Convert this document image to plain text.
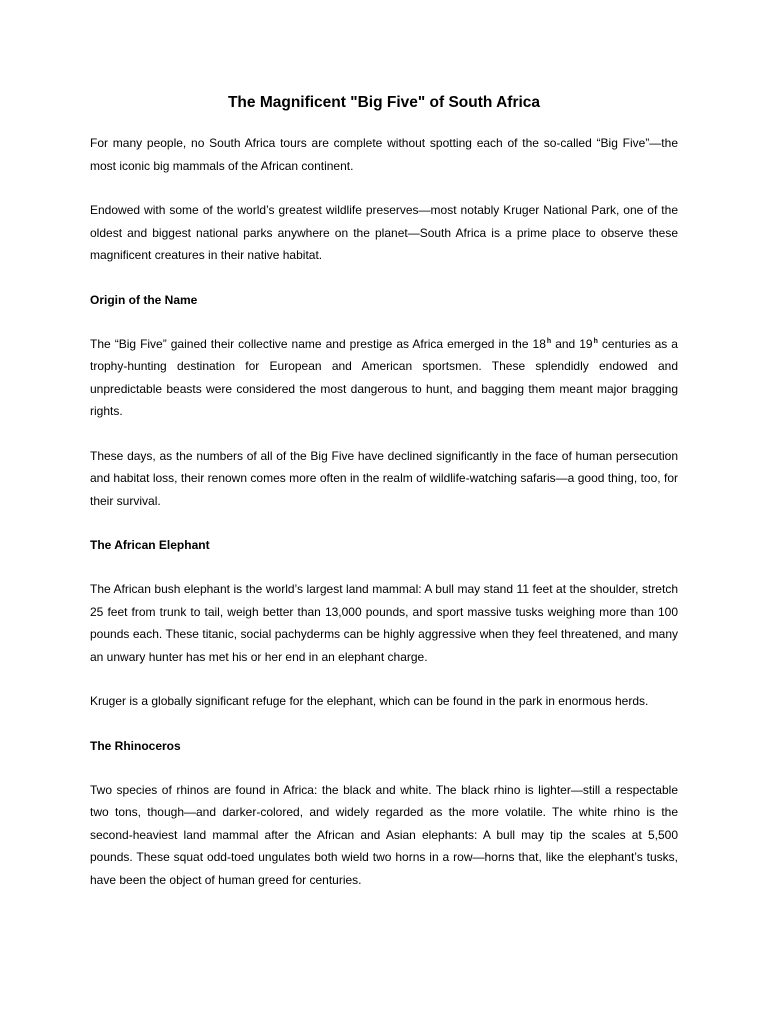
The Magnificent "Big Five" of South Africa

For many people, no South Africa tours are complete without spotting each of the so-called “Big Five”—the most iconic big mammals of the African continent.

Endowed with some of the world’s greatest wildlife preserves—most notably Kruger National Park, one of the oldest and biggest national parks anywhere on the planet—South Africa is a prime place to observe these magnificent creatures in their native habitat.

Origin of the Name

The “Big Five” gained their collective name and prestige as Africa emerged in the 18$^h$ and 19$^h$ centuries as a trophy-hunting destination for European and American sportsmen. These splendidly endowed and unpredictable beasts were considered the most dangerous to hunt, and bagging them meant major bragging rights.

These days, as the numbers of all of the Big Five have declined significantly in the face of human persecution and habitat loss, their renown comes more often in the realm of wildlife-watching safaris—a good thing, too, for their survival.

The African Elephant

The African bush elephant is the world’s largest land mammal: A bull may stand 11 feet at the shoulder, stretch 25 feet from trunk to tail, weigh better than 13,000 pounds, and sport massive tusks weighing more than 100 pounds each. These titanic, social pachyderms can be highly aggressive when they feel threatened, and many an unwary hunter has met his or her end in an elephant charge.

Kruger is a globally significant refuge for the elephant, which can be found in the park in enormous herds.

The Rhinoceros

Two species of rhinos are found in Africa: the black and white. The black rhino is lighter—still a respectable two tons, though—and darker-colored, and widely regarded as the more volatile. The white rhino is the second-heaviest land mammal after the African and Asian elephants: A bull may tip the scales at 5,500 pounds. These squat odd-toed ungulates both wield two horns in a row—horns that, like the elephant’s tusks, have been the object of human greed for centuries.
